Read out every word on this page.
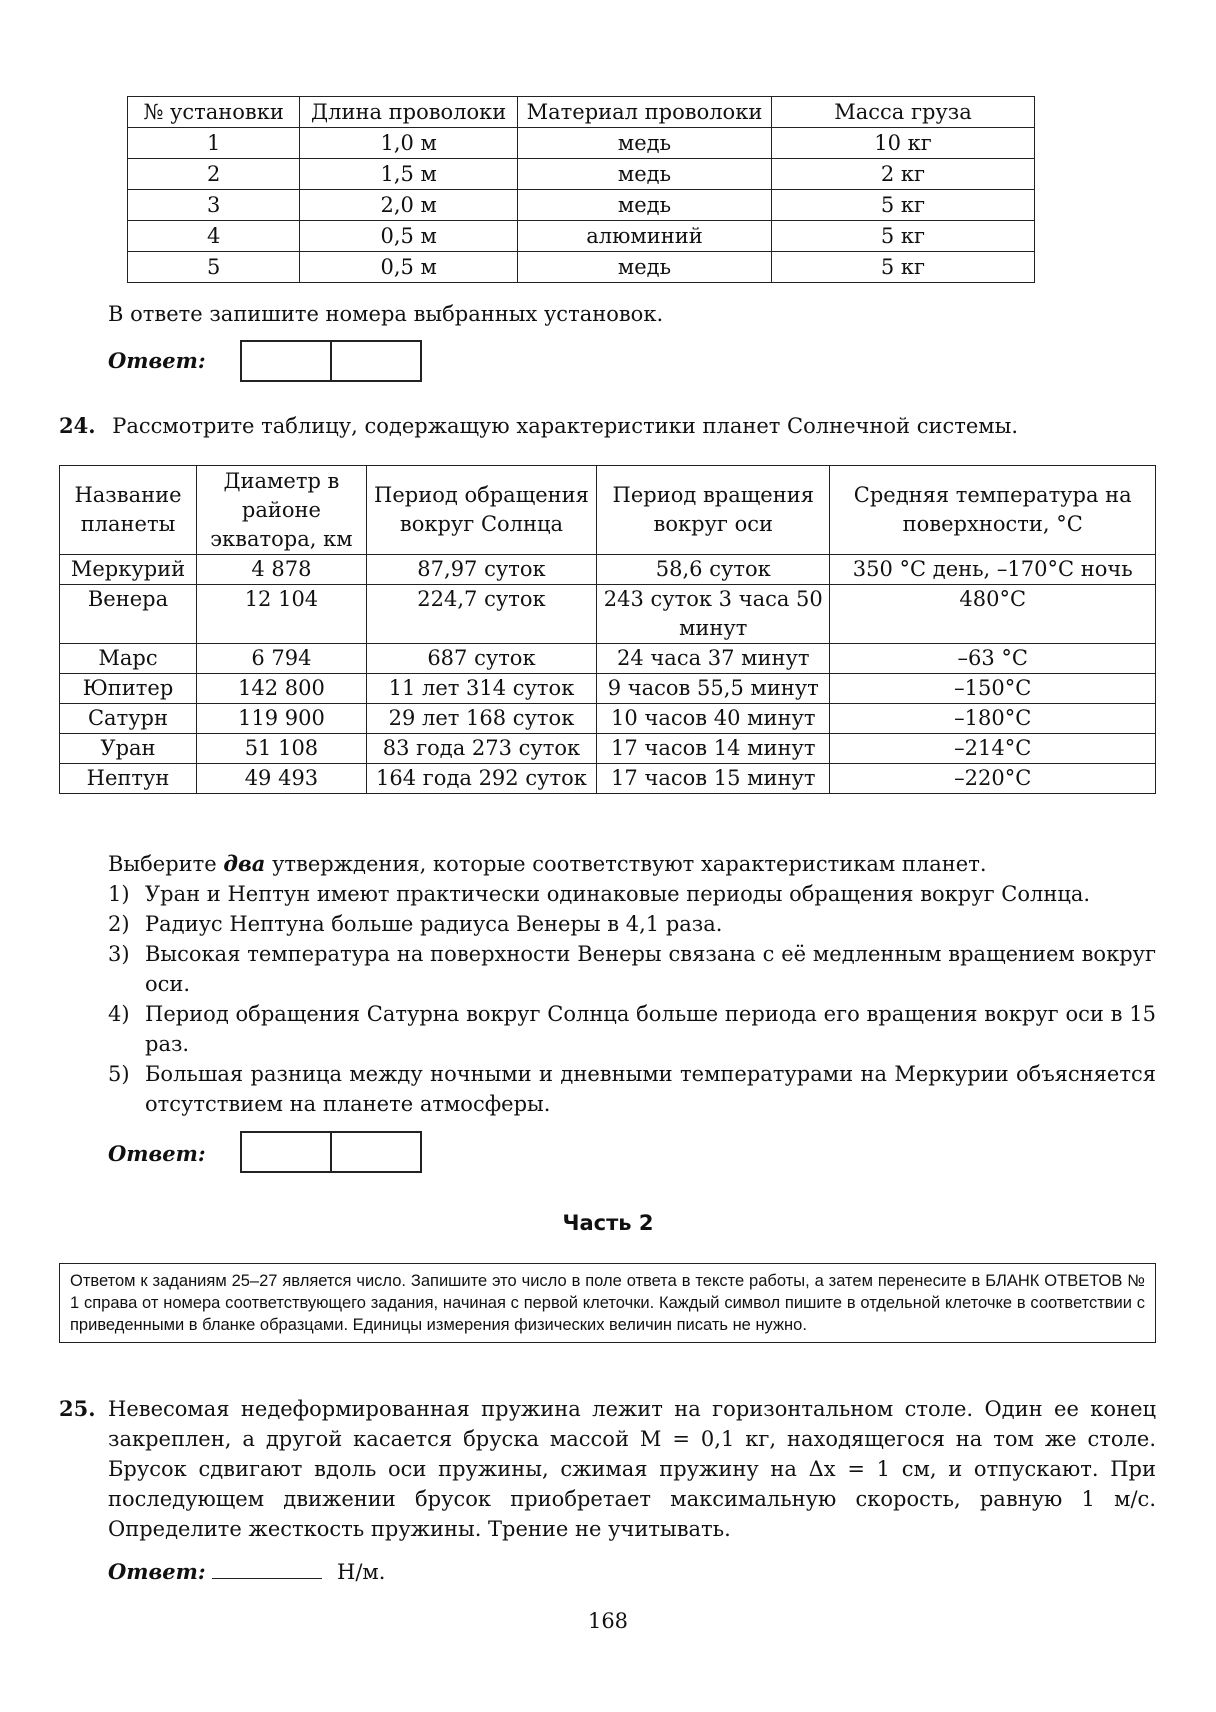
№ установки	Длина проволоки	Материал проволоки	Масса груза
1	1,0 м	медь	10 кг
2	1,5 м	медь	2 кг
3	2,0 м	медь	5 кг
4	0,5 м	алюминий	5 кг
5	0,5 м	медь	5 кг
В ответе запишите номера выбранных установок.
Ответ:
24. Рассмотрите таблицу, содержащую характеристики планет Солнечной системы.
Название планеты	Диаметр в районе экватора, км	Период обращения вокруг Солнца	Период вращения вокруг оси	Средняя температура на поверхности, °С
Меркурий	4 878	87,97 суток	58,6 суток	350 °С день, –170°С ночь
Венера	12 104	224,7 суток	243 суток 3 часа 50 минут	480°С
Марс	6 794	687 суток	24 часа 37 минут	–63 °С
Юпитер	142 800	11 лет 314 суток	9 часов 55,5 минут	–150°С
Сатурн	119 900	29 лет 168 суток	10 часов 40 минут	–180°С
Уран	51 108	83 года 273 суток	17 часов 14 минут	–214°С
Нептун	49 493	164 года 292 суток	17 часов 15 минут	–220°С
Выберите два утверждения, которые соответствуют характеристикам планет.
1) Уран и Нептун имеют практически одинаковые периоды обращения вокруг Солнца.
2) Радиус Нептуна больше радиуса Венеры в 4,1 раза.
3) Высокая температура на поверхности Венеры связана с её медленным вращением вокруг оси.
4) Период обращения Сатурна вокруг Солнца больше периода его вращения вокруг оси в 15 раз.
5) Большая разница между ночными и дневными температурами на Меркурии объясняется отсутствием на планете атмосферы.
Ответ:
Часть 2
Ответом к заданиям 25–27 является число. Запишите это число в поле ответа в тексте работы, а затем перенесите в БЛАНК ОТВЕТОВ № 1 справа от номера соответствующего задания, начиная с первой клеточки. Каждый символ пишите в отдельной клеточке в соответствии с приведенными в бланке образцами. Единицы измерения физических величин писать не нужно.
25. Невесомая недеформированная пружина лежит на горизонтальном столе. Один ее конец закреплен, а другой касается бруска массой M = 0,1 кг, находящегося на том же столе. Брусок сдвигают вдоль оси пружины, сжимая пружину на Δx = 1 см, и отпускают. При последующем движении брусок приобретает максимальную скорость, равную 1 м/с. Определите жесткость пружины. Трение не учитывать.
Ответ:	Н/м.
168
